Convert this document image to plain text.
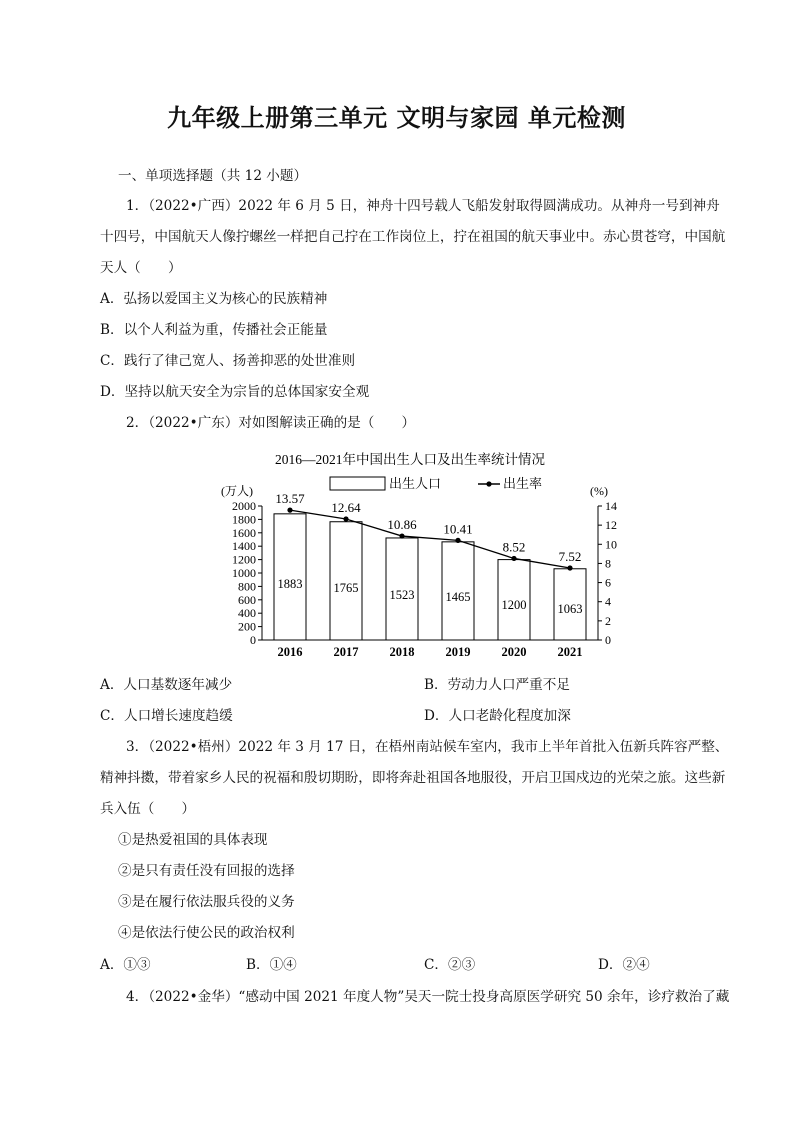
九年级上册第三单元 文明与家园 单元检测
一、单项选择题（共 12 小题）
1．（2022•广西）2022 年 6 月 5 日，神舟十四号载人飞船发射取得圆满成功。从神舟一号到神舟
十四号，中国航天人像拧螺丝一样把自己拧在工作岗位上，拧在祖国的航天事业中。赤心贯苍穹，中国航
天人（　　）
A．弘扬以爱国主义为核心的民族精神
B．以个人利益为重，传播社会正能量
C．践行了律己宽人、扬善抑恶的处世准则
D．坚持以航天安全为宗旨的总体国家安全观
2．（2022•广东）对如图解读正确的是（　　）
2016—2021年中国出生人口及出生率统计情况
出生人口	出生率
(万人)	(%)
0
200
400
600
800
1000
1200
1400
1600
1800
2000
0
2
4
6
8
10
12
14
1883
2016
1765
2017
1523
2018
1465
2019
1200
2020
1063
2021
13.57
12.64
10.86 10.41
8.52
7.52
A．人口基数逐年减少	B．劳动力人口严重不足
C．人口增长速度趋缓	D．人口老龄化程度加深
3．（2022•梧州）2022 年 3 月 17 日，在梧州南站候车室内，我市上半年首批入伍新兵阵容严整、
精神抖擞，带着家乡人民的祝福和殷切期盼，即将奔赴祖国各地服役，开启卫国戍边的光荣之旅。这些新
兵入伍（　　）
①是热爱祖国的具体表现
②是只有责任没有回报的选择
③是在履行依法服兵役的义务
④是依法行使公民的政治权利
A．①③	B．①④	C．②③	D．②④
4．（2022•金华）“感动中国 2021 年度人物”吴天一院士投身高原医学研究 50 余年，诊疗救治了藏
